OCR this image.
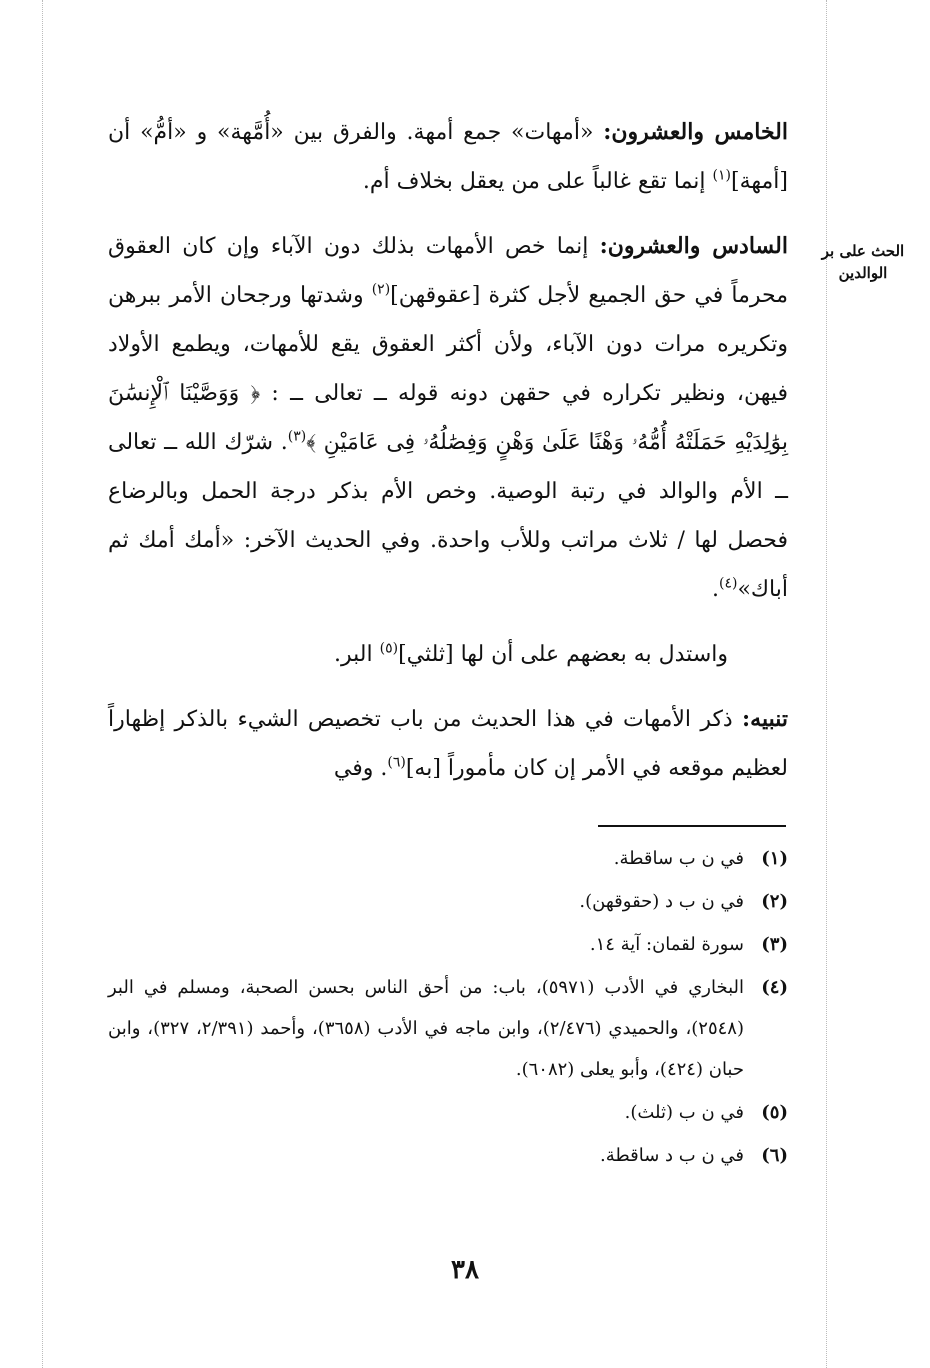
الحث على بر الوالدين

الخامس والعشرون: «أمهات» جمع أمهة. والفرق بين «أُمَّهة» و «أمُّ» أن [أمهة]$^{(١)}$ إنما تقع غالباً على من يعقل بخلاف أم.

السادس والعشرون: إنما خص الأمهات بذلك دون الآباء وإن كان العقوق محرماً في حق الجميع لأجل كثرة [عقوقهن]$^{(٢)}$ وشدتها ورجحان الأمر ببرهن وتكريره مرات دون الآباء، ولأن أكثر العقوق يقع للأمهات، ويطمع الأولاد فيهن، ونظير تكراره في حقهن دونه قوله ــ تعالى ــ : ﴿ وَوَصَّيْنَا ٱلْإِنسَٰنَ بِوَٰلِدَيْهِ حَمَلَتْهُ أُمُّهُۥ وَهْنًا عَلَىٰ وَهْنٍ وَفِصَٰلُهُۥ فِى عَامَيْنِ ﴾$^{(٣)}$. شرّك الله ــ تعالى ــ الأم والوالد في رتبة الوصية. وخص الأم بذكر درجة الحمل وبالرضاع فحصل لها / ثلاث مراتب وللأب واحدة. وفي الحديث الآخر: «أمك أمك ثم أباك»$^{(٤)}$.

واستدل به بعضهم على أن لها [ثلثي]$^{(٥)}$ البر.

تنبيه: ذكر الأمهات في هذا الحديث من باب تخصيص الشيء بالذكر إظهاراً لعظيم موقعه في الأمر إن كان مأموراً [به]$^{(٦)}$. وفي

(١)
في ن ب ساقطة.
(٢)
في ن ب د (حقوقهن).
(٣)
سورة لقمان: آية ١٤.
(٤)
البخاري في الأدب (٥٩٧١)، باب: من أحق الناس بحسن الصحبة، ومسلم في البر (٢٥٤٨)، والحميدي (٢/٤٧٦)، وابن ماجه في الأدب (٣٦٥٨)، وأحمد (٢/٣٩١، ٣٢٧)، وابن حبان (٤٢٤)، وأبو يعلى (٦٠٨٢).
(٥)
في ن ب (ثلث).
(٦)
في ن ب د ساقطة.
٣٨
